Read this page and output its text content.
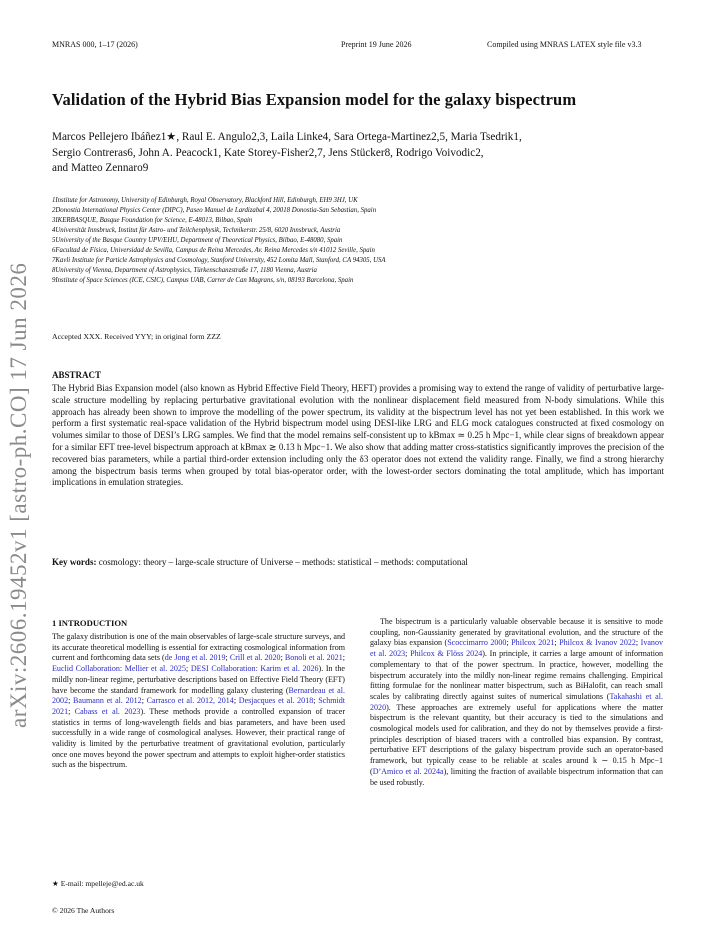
MNRAS 000, 1–17 (2026)	Preprint 19 June 2026	Compiled using MNRAS LATEX style file v3.3
arXiv:2606.19452v1 [astro-ph.CO] 17 Jun 2026
Validation of the Hybrid Bias Expansion model for the galaxy bispectrum
Marcos Pellejero Ibáñez1★, Raul E. Angulo2,3, Laila Linke4, Sara Ortega-Martinez2,5, Maria Tsedrik1,
Sergio Contreras6, John A. Peacock1, Kate Storey-Fisher2,7, Jens Stücker8, Rodrigo Voivodic2,
and Matteo Zennaro9
1Institute for Astronomy, University of Edinburgh, Royal Observatory, Blackford Hill, Edinburgh, EH9 3HJ, UK
2Donostia International Physics Center (DIPC), Paseo Manuel de Lardizabal 4, 20018 Donostia-San Sebastian, Spain
3IKERBASQUE, Basque Foundation for Science, E-48013, Bilbao, Spain
4Universität Innsbruck, Institut für Astro- und Teilchenphysik, Technikerstr. 25/8, 6020 Innsbruck, Austria
5University of the Basque Country UPV/EHU, Department of Theoretical Physics, Bilbao, E-48080, Spain
6Facultad de Física, Universidad de Sevilla, Campus de Reina Mercedes, Av. Reina Mercedes s/n 41012 Seville, Spain
7Kavli Institute for Particle Astrophysics and Cosmology, Stanford University, 452 Lomita Mall, Stanford, CA 94305, USA
8University of Vienna, Department of Astrophysics, Türkenschanzstraße 17, 1180 Vienna, Austria
9Institute of Space Sciences (ICE, CSIC), Campus UAB, Carrer de Can Magrans, s/n, 08193 Barcelona, Spain
Accepted XXX. Received YYY; in original form ZZZ
ABSTRACT
The Hybrid Bias Expansion model (also known as Hybrid Effective Field Theory, HEFT) provides a promising way to extend the range of validity of perturbative large-scale structure modelling by replacing perturbative gravitational evolution with the nonlinear displacement field measured from N-body simulations. While this approach has already been shown to improve the modelling of the power spectrum, its validity at the bispectrum level has not yet been established. In this work we perform a first systematic real-space validation of the Hybrid bispectrum model using DESI-like LRG and ELG mock catalogues constructed at fixed cosmology on volumes similar to those of DESI’s LRG samples. We find that the model remains self-consistent up to kBmax ≃ 0.25 h Mpc−1, while clear signs of breakdown appear for a similar EFT tree-level bispectrum approach at kBmax ≳ 0.13 h Mpc−1. We also show that adding matter cross-statistics significantly improves the precision of the recovered bias parameters, while a partial third-order extension including only the δ3 operator does not extend the validity range. Finally, we find a strong hierarchy among the bispectrum basis terms when grouped by total bias-operator order, with the lowest-order sectors dominating the total amplitude, which has important implications in emulation strategies.
Key words: cosmology: theory – large-scale structure of Universe – methods: statistical – methods: computational
1 INTRODUCTION
The galaxy distribution is one of the main observables of large-scale structure surveys, and its accurate theoretical modelling is essential for extracting cosmological information from current and forthcoming data sets (de Jong et al. 2019; Crill et al. 2020; Bonoli et al. 2021; Euclid Collaboration: Mellier et al. 2025; DESI Collaboration: Karim et al. 2026). In the mildly non-linear regime, perturbative descriptions based on Effective Field Theory (EFT) have become the standard framework for modelling galaxy clustering (Bernardeau et al. 2002; Baumann et al. 2012; Carrasco et al. 2012, 2014; Desjacques et al. 2018; Schmidt 2021; Cabass et al. 2023). These methods provide a controlled expansion of tracer statistics in terms of long-wavelength fields and bias parameters, and have been used successfully in a wide range of cosmological analyses. However, their practical range of validity is limited by the perturbative treatment of gravitational evolution, particularly once one moves beyond the power spectrum and attempts to exploit higher-order statistics such as the bispectrum.
The bispectrum is a particularly valuable observable because it is sensitive to mode coupling, non-Gaussianity generated by gravitational evolution, and the structure of the galaxy bias expansion (Scoccimarro 2000; Philcox 2021; Philcox & Ivanov 2022; Ivanov et al. 2023; Philcox & Flöss 2024). In principle, it carries a large amount of information complementary to that of the power spectrum. In practice, however, modelling the bispectrum accurately into the mildly non-linear regime remains challenging. Empirical fitting formulae for the nonlinear matter bispectrum, such as BiHalofit, can reach small scales by calibrating directly against suites of numerical simulations (Takahashi et al. 2020). These approaches are extremely useful for applications where the matter bispectrum is the relevant quantity, but their accuracy is tied to the simulations and cosmological models used for calibration, and they do not by themselves provide a first-principles description of biased tracers with a controlled bias expansion. By contrast, perturbative EFT descriptions of the galaxy bispectrum provide such an operator-based framework, but typically cease to be reliable at scales around k ∼ 0.15 h Mpc−1 (D’Amico et al. 2024a), limiting the fraction of available bispectrum information that can be used robustly.
★ E-mail: mpelleje@ed.ac.uk
© 2026 The Authors
